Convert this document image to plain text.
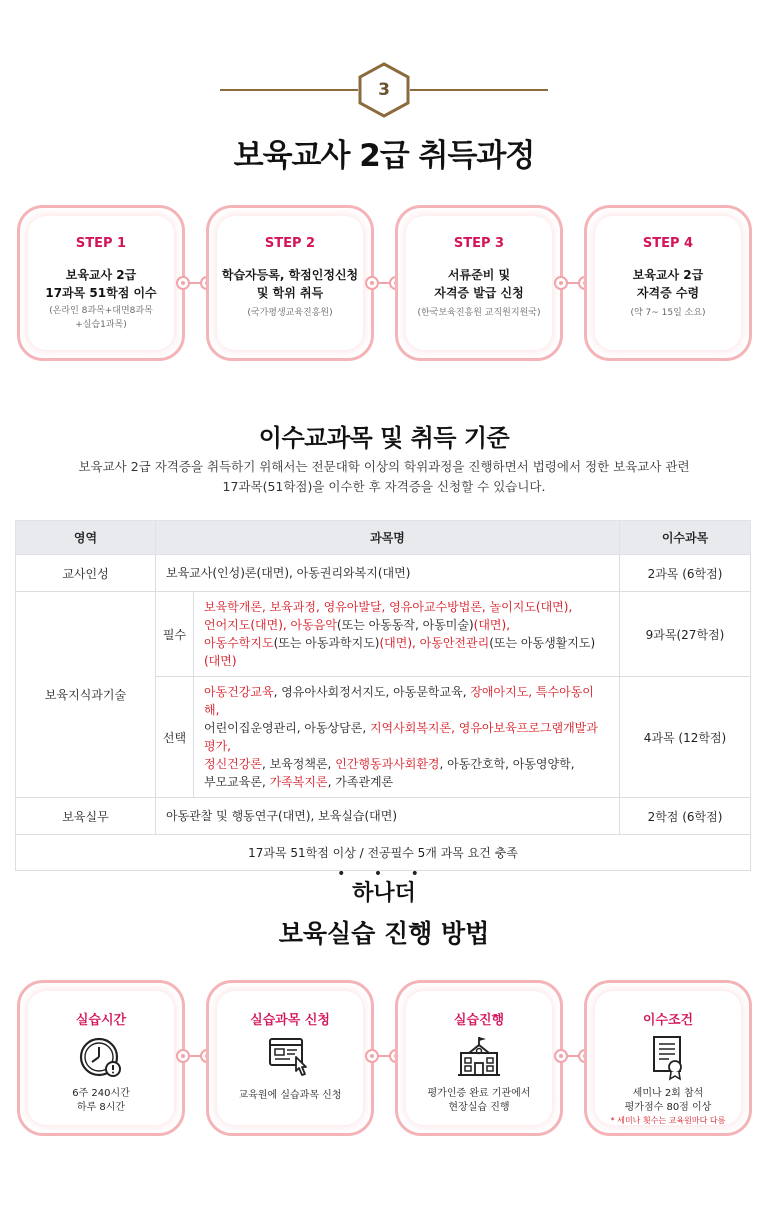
3
보육교사 2급 취득과정
STEP 1
보육교사 2급
17과목 51학점 이수
(온라인 8과목+대면8과목
+실습1과목)
STEP 2
학습자등록, 학점인정신청
및 학위 취득
(국가평생교육진흥원)
STEP 3
서류준비 및
자격증 발급 신청
(한국보육진흥원 교직원지원국)
STEP 4
보육교사 2급
자격증 수령
(약 7~ 15일 소요)
이수교과목 및 취득 기준

보육교사 2급 자격증을 취득하기 위해서는 전문대학 이상의 학위과정을 진행하면서 법령에서 정한 보육교사 관련

17과목(51학점)을 이수한 후 자격증을 신청할 수 있습니다.

영역	과목명		이수과목
교사인성	보육교사(인성)론(대면), 아동권리와복지(대면)		2과목 (6학점)
보육지식과기술	필수	보육학개론, 보육과정, 영유아발달, 영유아교수방법론, 놀이지도(대면),
언어지도(대면), 아동음악(또는 아동동작, 아동미술)(대면),
아동수학지도(또는 아동과학지도)(대면), 아동안전관리(또는 아동생활지도)(대면)	9과목(27학점)
	선택	아동건강교육, 영유아사회정서지도, 아동문학교육, 장애아지도, 특수아동이해,
어린이집운영관리, 아동상담론, 지역사회복지론, 영유아보육프로그램개발과평가,
정신건강론, 보육정책론, 인간행동과사회환경, 아동간호학, 아동영양학,
부모교육론, 가족복지론, 가족관계론	4과목 (12학점)
보육실무	아동관찰 및 행동연구(대면), 보육실습(대면)		2학점 (6학점)
17과목 51학점 이상 / 전공필수 5개 과목 요건 충족			
• • •
하나더
보육실습 진행 방법
실습시간
6주 240시간
하루 8시간
실습과목 신청
교육원에 실습과목 신청
실습진행
평가인증 완료 기관에서
현장실습 진행
이수조건
세미나 2회 참석
평가점수 80점 이상
* 세미나 횟수는 교육원마다 다름
